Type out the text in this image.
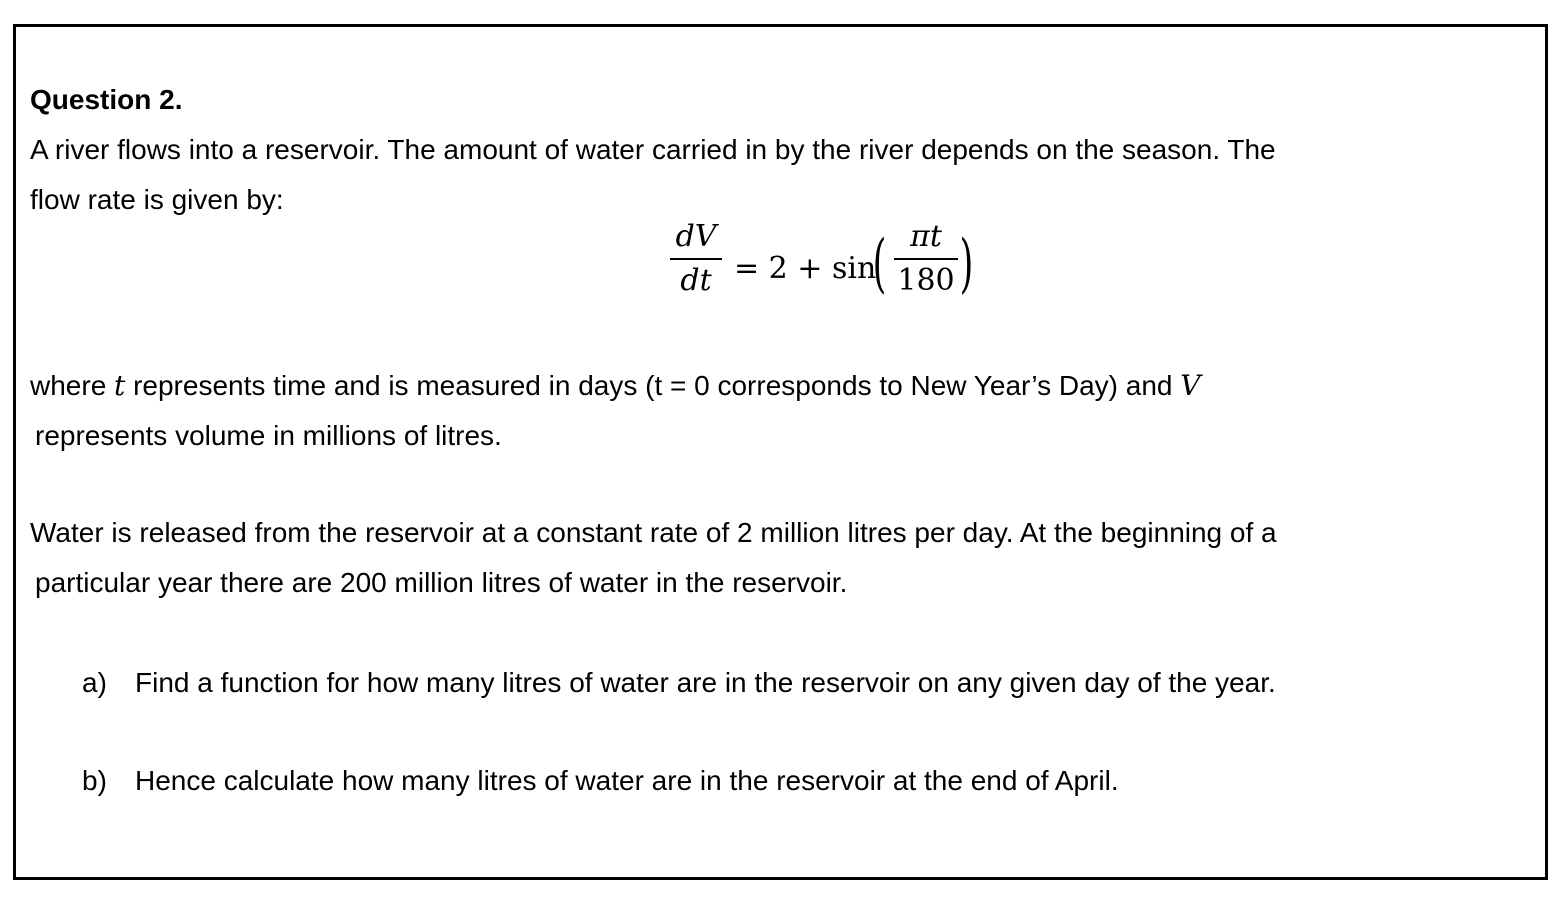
Question 2.
A river flows into a reservoir. The amount of water carried in by the river depends on the season. The
flow rate is given by:
dV
dt = 2 + sin
( πt
180 )
where t represents time and is measured in days (t = 0 corresponds to New Year’s Day) and V
represents volume in millions of litres.
Water is released from the reservoir at a constant rate of 2 million litres per day. At the beginning of a
particular year there are 200 million litres of water in the reservoir.
a) Find a function for how many litres of water are in the reservoir on any given day of the year.
b) Hence calculate how many litres of water are in the reservoir at the end of April.
